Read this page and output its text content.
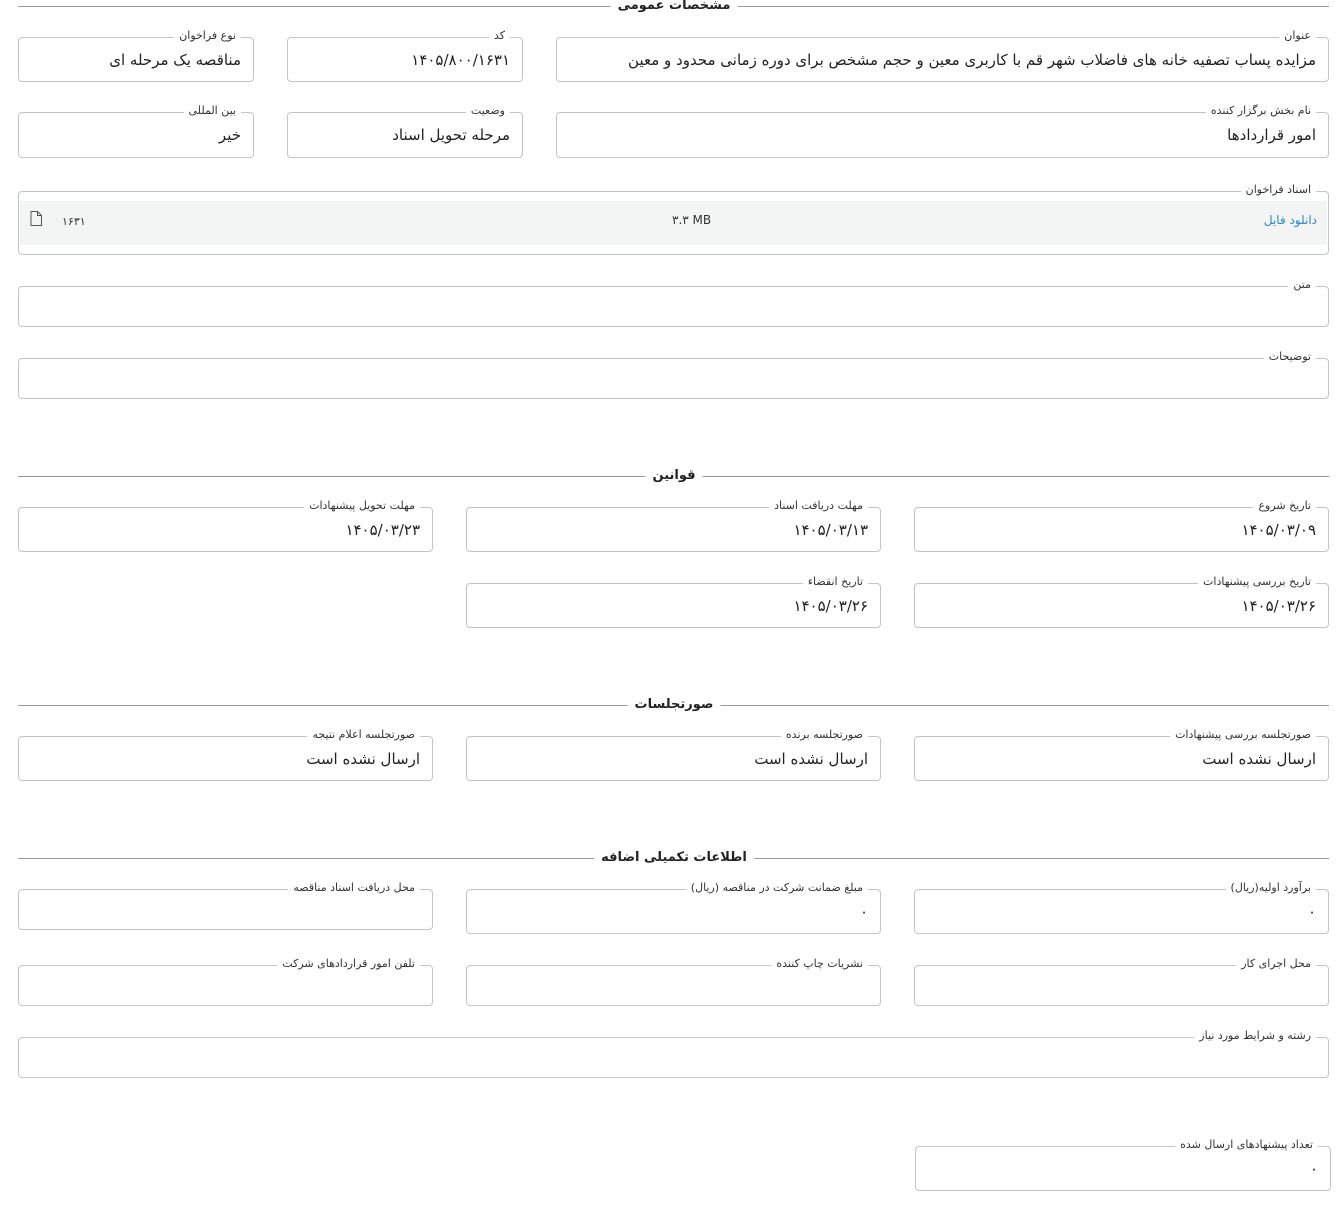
مشخصات عمومی
عنوان
مزایده پساب تصفیه خانه های فاضلاب شهر قم با کاربری معین و حجم مشخص برای دوره زمانی محدود و معین
کد
۱۴۰۵/۸۰۰/۱۶۳۱
نوع فراخوان
مناقصه یک مرحله ای
نام بخش برگزار کننده
امور قراردادها
وضعیت
مرحله تحویل اسناد
بین المللی
خیر
اسناد فراخوان
دانلود فایل
۳.۳ MB
۱۶۳۱
متن
توضیحات
قوانین
تاریخ شروع
۱۴۰۵/۰۳/۰۹
مهلت دریافت اسناد
۱۴۰۵/۰۳/۱۳
مهلت تحویل پیشنهادات
۱۴۰۵/۰۳/۲۳
تاریخ بررسی پیشنهادات
۱۴۰۵/۰۳/۲۶
تاریخ انقضاء
۱۴۰۵/۰۳/۲۶
صورتجلسات
صورتجلسه بررسی پیشنهادات
ارسال نشده است
صورتجلسه برنده
ارسال نشده است
صورتجلسه اعلام نتیجه
ارسال نشده است
اطلاعات تکمیلی اضافه
برآورد اولیه(ریال)
۰
مبلغ ضمانت شرکت در مناقصه (ریال)
۰
محل دریافت اسناد مناقصه
محل اجرای کار
نشریات چاپ کننده
تلفن امور قراردادهای شرکت
رشته و شرایط مورد نیاز
تعداد پیشنهادهای ارسال شده
۰
